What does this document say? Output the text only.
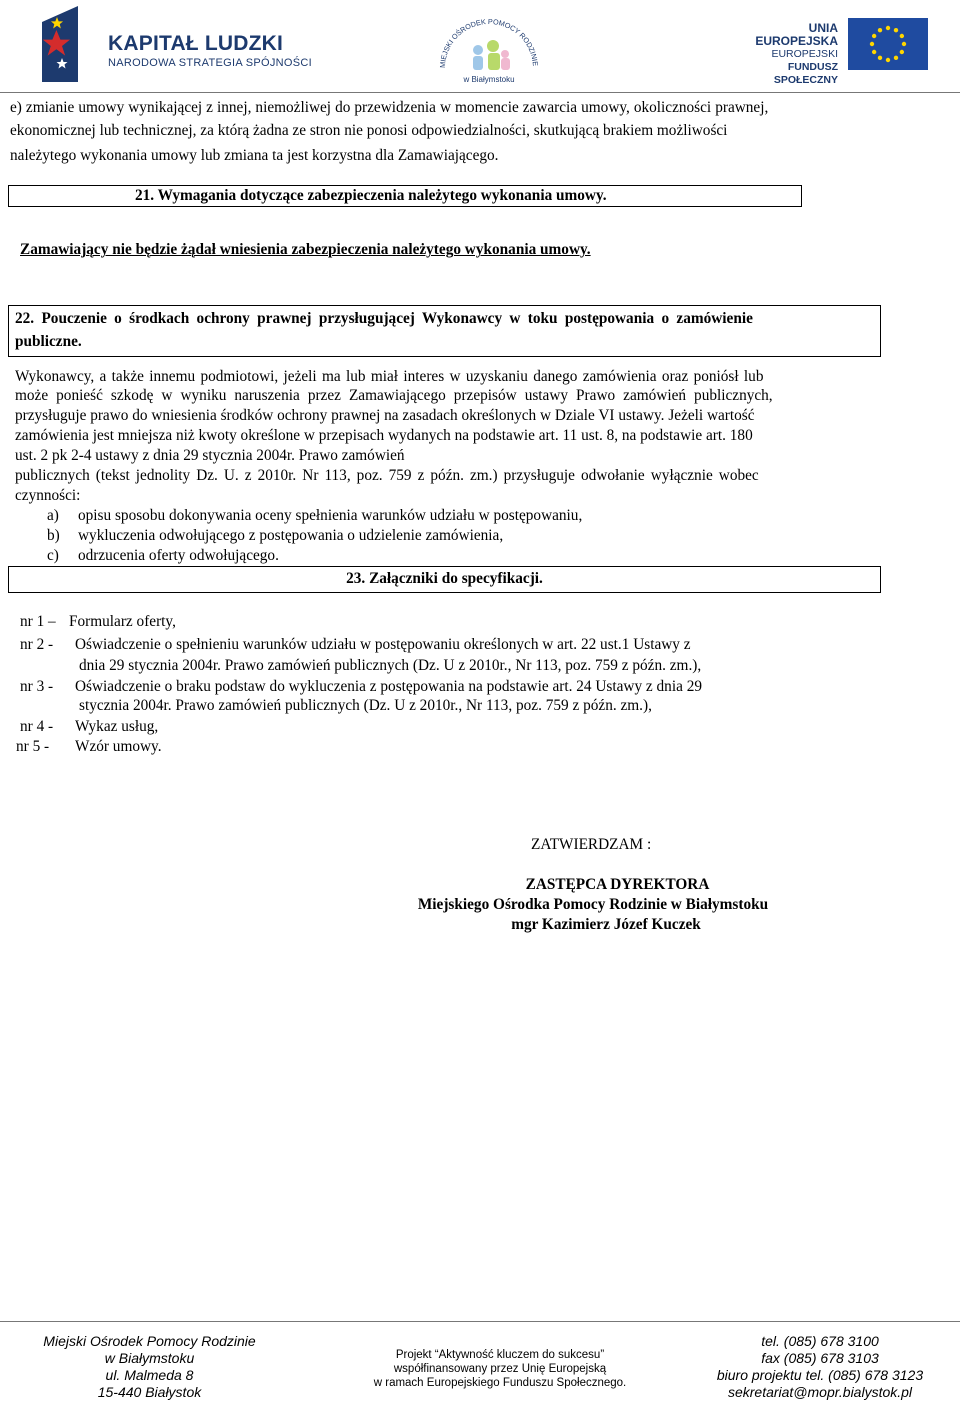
KAPITAŁ LUDZKI
NARODOWA STRATEGIA SPÓJNOŚCI	MIEJSKI OŚRODEK POMOCY RODZINIE
w Białymstoku
UNIA EUROPEJSKA
EUROPEJSKI
FUNDUSZ SPOŁECZNY
e) zmianie umowy wynikającej z innej, niemożliwej do przewidzenia w momencie zawarcia umowy, okoliczności prawnej,
ekonomicznej lub technicznej, za którą żadna ze stron nie ponosi odpowiedzialności, skutkującą brakiem możliwości
należytego wykonania umowy lub zmiana ta jest korzystna dla Zamawiającego.
21. Wymagania dotyczące zabezpieczenia należytego wykonania umowy.
Zamawiający nie będzie żądał wniesienia zabezpieczenia należytego wykonania umowy.
22. Pouczenie o środkach ochrony prawnej przysługującej Wykonawcy w toku postępowania o zamówienie
publiczne.
Wykonawcy, a także innemu podmiotowi, jeżeli ma lub miał interes w uzyskaniu danego zamówienia oraz poniósł lub
może ponieść szkodę w wyniku naruszenia przez Zamawiającego przepisów ustawy Prawo zamówień publicznych,
przysługuje prawo do wniesienia środków ochrony prawnej na zasadach określonych w Dziale VI ustawy. Jeżeli wartość
zamówienia jest mniejsza niż kwoty określone w przepisach wydanych na podstawie art. 11 ust. 8, na podstawie art. 180
ust. 2 pk 2-4 ustawy z dnia 29 stycznia 2004r. Prawo zamówień
publicznych (tekst jednolity Dz. U. z 2010r. Nr 113, poz. 759 z późn. zm.) przysługuje odwołanie wyłącznie wobec
czynności:
a) opisu sposobu dokonywania oceny spełnienia warunków udziału w postępowaniu,
b) wykluczenia odwołującego z postępowania o udzielenie zamówienia,
c) odrzucenia oferty odwołującego.
23. Załączniki do specyfikacji.
nr 1 – Formularz oferty,
nr 2 - Oświadczenie o spełnieniu warunków udziału w postępowaniu określonych w art. 22 ust.1 Ustawy z
dnia 29 stycznia 2004r. Prawo zamówień publicznych (Dz. U z 2010r., Nr 113, poz. 759 z późn. zm.),
nr 3 - Oświadczenie o braku podstaw do wykluczenia z postępowania na podstawie art. 24 Ustawy z dnia 29
stycznia 2004r. Prawo zamówień publicznych (Dz. U z 2010r., Nr 113, poz. 759 z późn. zm.),
nr 4 - Wykaz usług,
nr 5 - Wzór umowy.
ZATWIERDZAM :
ZASTĘPCA DYREKTORA
Miejskiego Ośrodka Pomocy Rodzinie w Białymstoku
mgr Kazimierz Józef Kuczek
Miejski Ośrodek Pomocy Rodzinie
w Białymstoku
ul. Malmeda 8
15-440 Białystok
Projekt “Aktywność kluczem do sukcesu”
współfinansowany przez Unię Europejską
w ramach Europejskiego Funduszu Społecznego.
tel. (085) 678 3100
fax (085) 678 3103
biuro projektu tel. (085) 678 3123
sekretariat@mopr.bialystok.pl
